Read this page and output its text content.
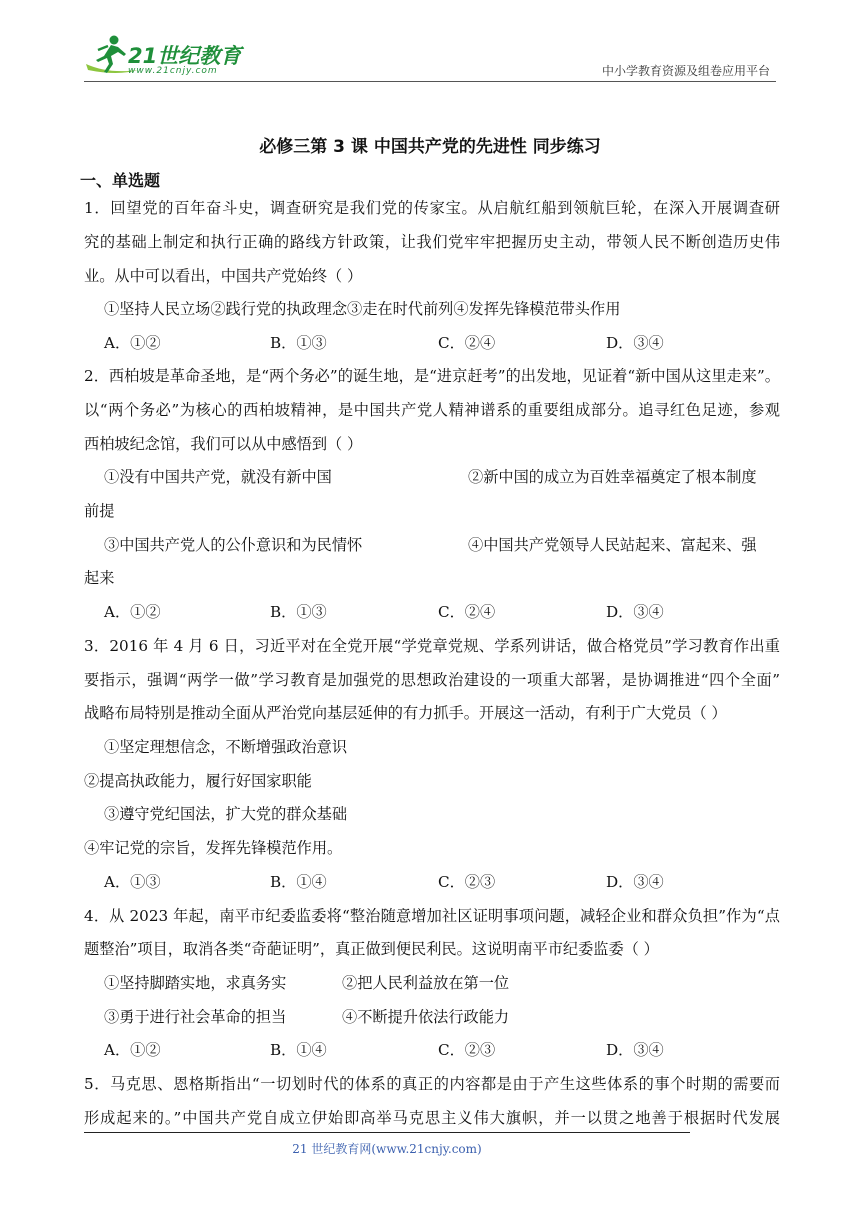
21世纪教育
www.21cnjy.com	中小学教育资源及组卷应用平台
必修三第 3 课 中国共产党的先进性 同步练习
一、单选题
1．回望党的百年奋斗史，调查研究是我们党的传家宝。从启航红船到领航巨轮，在深入开展调查研
究的基础上制定和执行正确的路线方针政策，让我们党牢牢把握历史主动，带领人民不断创造历史伟
业。从中可以看出，中国共产党始终（ ）
①坚持人民立场②践行党的执政理念③走在时代前列④发挥先锋模范带头作用
A．①②	B．①③	C．②④	D．③④
2．西柏坡是革命圣地，是“两个务必”的诞生地，是“进京赶考”的出发地，见证着“新中国从这里走来”。
以“两个务必”为核心的西柏坡精神，是中国共产党人精神谱系的重要组成部分。追寻红色足迹，参观
西柏坡纪念馆，我们可以从中感悟到（ ）
①没有中国共产党，就没有新中国	②新中国的成立为百姓幸福奠定了根本制度
前提
③中国共产党人的公仆意识和为民情怀	④中国共产党领导人民站起来、富起来、强
起来
A．①②	B．①③	C．②④	D．③④
3．2016 年 4 月 6 日，习近平对在全党开展“学党章党规、学系列讲话，做合格党员”学习教育作出重
要指示，强调“两学一做”学习教育是加强党的思想政治建设的一项重大部署，是协调推进“四个全面”
战略布局特别是推动全面从严治党向基层延伸的有力抓手。开展这一活动，有利于广大党员（ ）
①坚定理想信念，不断增强政治意识
②提高执政能力，履行好国家职能
③遵守党纪国法，扩大党的群众基础
④牢记党的宗旨，发挥先锋模范作用。
A．①③	B．①④	C．②③	D．③④
4．从 2023 年起，南平市纪委监委将“整治随意增加社区证明事项问题，减轻企业和群众负担”作为“点
题整治”项目，取消各类“奇葩证明”，真正做到便民利民。这说明南平市纪委监委（ ）
①坚持脚踏实地，求真务实	②把人民利益放在第一位
③勇于进行社会革命的担当	④不断提升依法行政能力
A．①②	B．①④	C．②③	D．③④
5．马克思、恩格斯指出“一切划时代的体系的真正的内容都是由于产生这些体系的事个时期的需要而
形成起来的。”中国共产党自成立伊始即高举马克思主义伟大旗帜，并一以贯之地善于根据时代发展
21 世纪教育网(www.21cnjy.com)
